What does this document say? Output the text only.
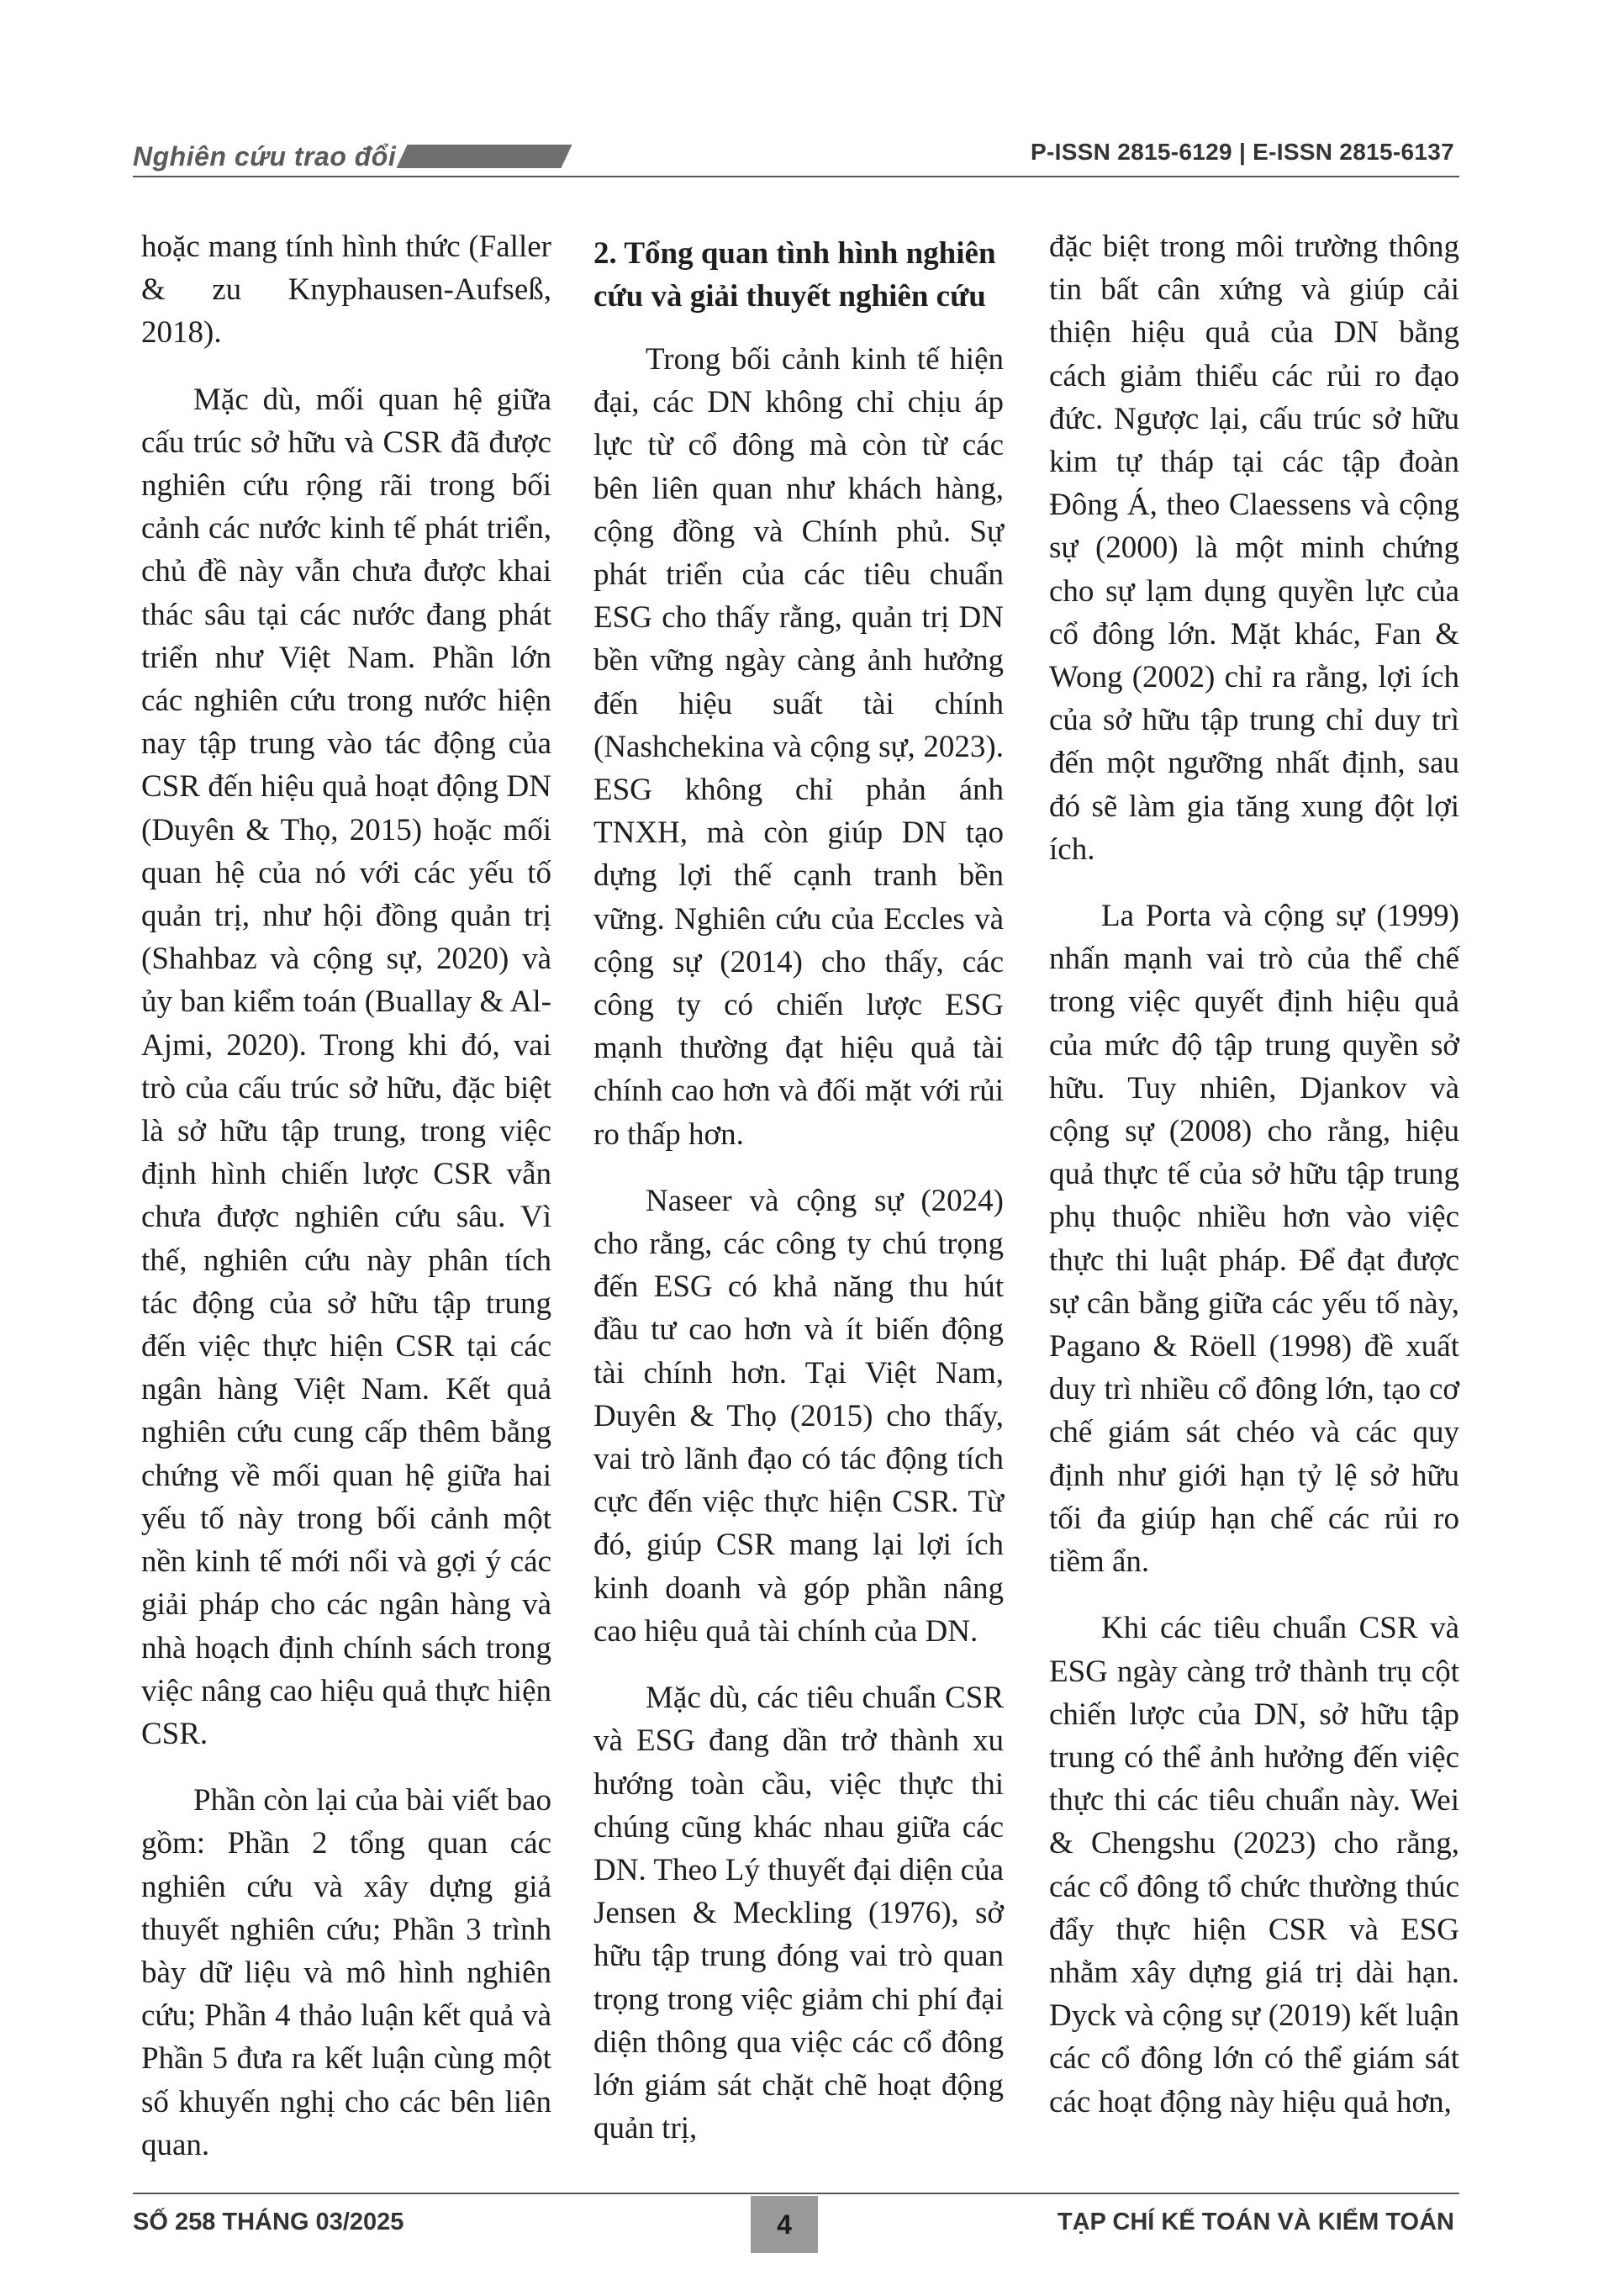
Nghiên cứu trao đổi	P-ISSN 2815-6129 | E-ISSN 2815-6137

hoặc mang tính hình thức (Faller & zu Knyphausen-Aufseß, 2018).

Mặc dù, mối quan hệ giữa cấu trúc sở hữu và CSR đã được nghiên cứu rộng rãi trong bối cảnh các nước kinh tế phát triển, chủ đề này vẫn chưa được khai thác sâu tại các nước đang phát triển như Việt Nam. Phần lớn các nghiên cứu trong nước hiện nay tập trung vào tác động của CSR đến hiệu quả hoạt động DN (Duyên & Thọ, 2015) hoặc mối quan hệ của nó với các yếu tố quản trị, như hội đồng quản trị (Shahbaz và cộng sự, 2020) và ủy ban kiểm toán (Buallay & Al-Ajmi, 2020). Trong khi đó, vai trò của cấu trúc sở hữu, đặc biệt là sở hữu tập trung, trong việc định hình chiến lược CSR vẫn chưa được nghiên cứu sâu. Vì thế, nghiên cứu này phân tích tác động của sở hữu tập trung đến việc thực hiện CSR tại các ngân hàng Việt Nam. Kết quả nghiên cứu cung cấp thêm bằng chứng về mối quan hệ giữa hai yếu tố này trong bối cảnh một nền kinh tế mới nổi và gợi ý các giải pháp cho các ngân hàng và nhà hoạch định chính sách trong việc nâng cao hiệu quả thực hiện CSR.

Phần còn lại của bài viết bao gồm: Phần 2 tổng quan các nghiên cứu và xây dựng giả thuyết nghiên cứu; Phần 3 trình bày dữ liệu và mô hình nghiên cứu; Phần 4 thảo luận kết quả và Phần 5 đưa ra kết luận cùng một số khuyến nghị cho các bên liên quan.

2. Tổng quan tình hình nghiên cứu và giải thuyết nghiên cứu

Trong bối cảnh kinh tế hiện đại, các DN không chỉ chịu áp lực từ cổ đông mà còn từ các bên liên quan như khách hàng, cộng đồng và Chính phủ. Sự phát triển của các tiêu chuẩn ESG cho thấy rằng, quản trị DN bền vững ngày càng ảnh hưởng đến hiệu suất tài chính (Nashchekina và cộng sự, 2023). ESG không chỉ phản ánh TNXH, mà còn giúp DN tạo dựng lợi thế cạnh tranh bền vững. Nghiên cứu của Eccles và cộng sự (2014) cho thấy, các công ty có chiến lược ESG mạnh thường đạt hiệu quả tài chính cao hơn và đối mặt với rủi ro thấp hơn.

Naseer và cộng sự (2024) cho rằng, các công ty chú trọng đến ESG có khả năng thu hút đầu tư cao hơn và ít biến động tài chính hơn. Tại Việt Nam, Duyên & Thọ (2015) cho thấy, vai trò lãnh đạo có tác động tích cực đến việc thực hiện CSR. Từ đó, giúp CSR mang lại lợi ích kinh doanh và góp phần nâng cao hiệu quả tài chính của DN.

Mặc dù, các tiêu chuẩn CSR và ESG đang dần trở thành xu hướng toàn cầu, việc thực thi chúng cũng khác nhau giữa các DN. Theo Lý thuyết đại diện của Jensen & Meckling (1976), sở hữu tập trung đóng vai trò quan trọng trong việc giảm chi phí đại diện thông qua việc các cổ đông lớn giám sát chặt chẽ hoạt động quản trị,

đặc biệt trong môi trường thông tin bất cân xứng và giúp cải thiện hiệu quả của DN bằng cách giảm thiểu các rủi ro đạo đức. Ngược lại, cấu trúc sở hữu kim tự tháp tại các tập đoàn Đông Á, theo Claessens và cộng sự (2000) là một minh chứng cho sự lạm dụng quyền lực của cổ đông lớn. Mặt khác, Fan & Wong (2002) chỉ ra rằng, lợi ích của sở hữu tập trung chỉ duy trì đến một ngưỡng nhất định, sau đó sẽ làm gia tăng xung đột lợi ích.

La Porta và cộng sự (1999) nhấn mạnh vai trò của thể chế trong việc quyết định hiệu quả của mức độ tập trung quyền sở hữu. Tuy nhiên, Djankov và cộng sự (2008) cho rằng, hiệu quả thực tế của sở hữu tập trung phụ thuộc nhiều hơn vào việc thực thi luật pháp. Để đạt được sự cân bằng giữa các yếu tố này, Pagano & Röell (1998) đề xuất duy trì nhiều cổ đông lớn, tạo cơ chế giám sát chéo và các quy định như giới hạn tỷ lệ sở hữu tối đa giúp hạn chế các rủi ro tiềm ẩn.

Khi các tiêu chuẩn CSR và ESG ngày càng trở thành trụ cột chiến lược của DN, sở hữu tập trung có thể ảnh hưởng đến việc thực thi các tiêu chuẩn này. Wei & Chengshu (2023) cho rằng, các cổ đông tổ chức thường thúc đẩy thực hiện CSR và ESG nhằm xây dựng giá trị dài hạn. Dyck và cộng sự (2019) kết luận các cổ đông lớn có thể giám sát các hoạt động này hiệu quả hơn,

SỐ 258 THÁNG 03/2025	4	TẠP CHÍ KẾ TOÁN VÀ KIỂM TOÁN
